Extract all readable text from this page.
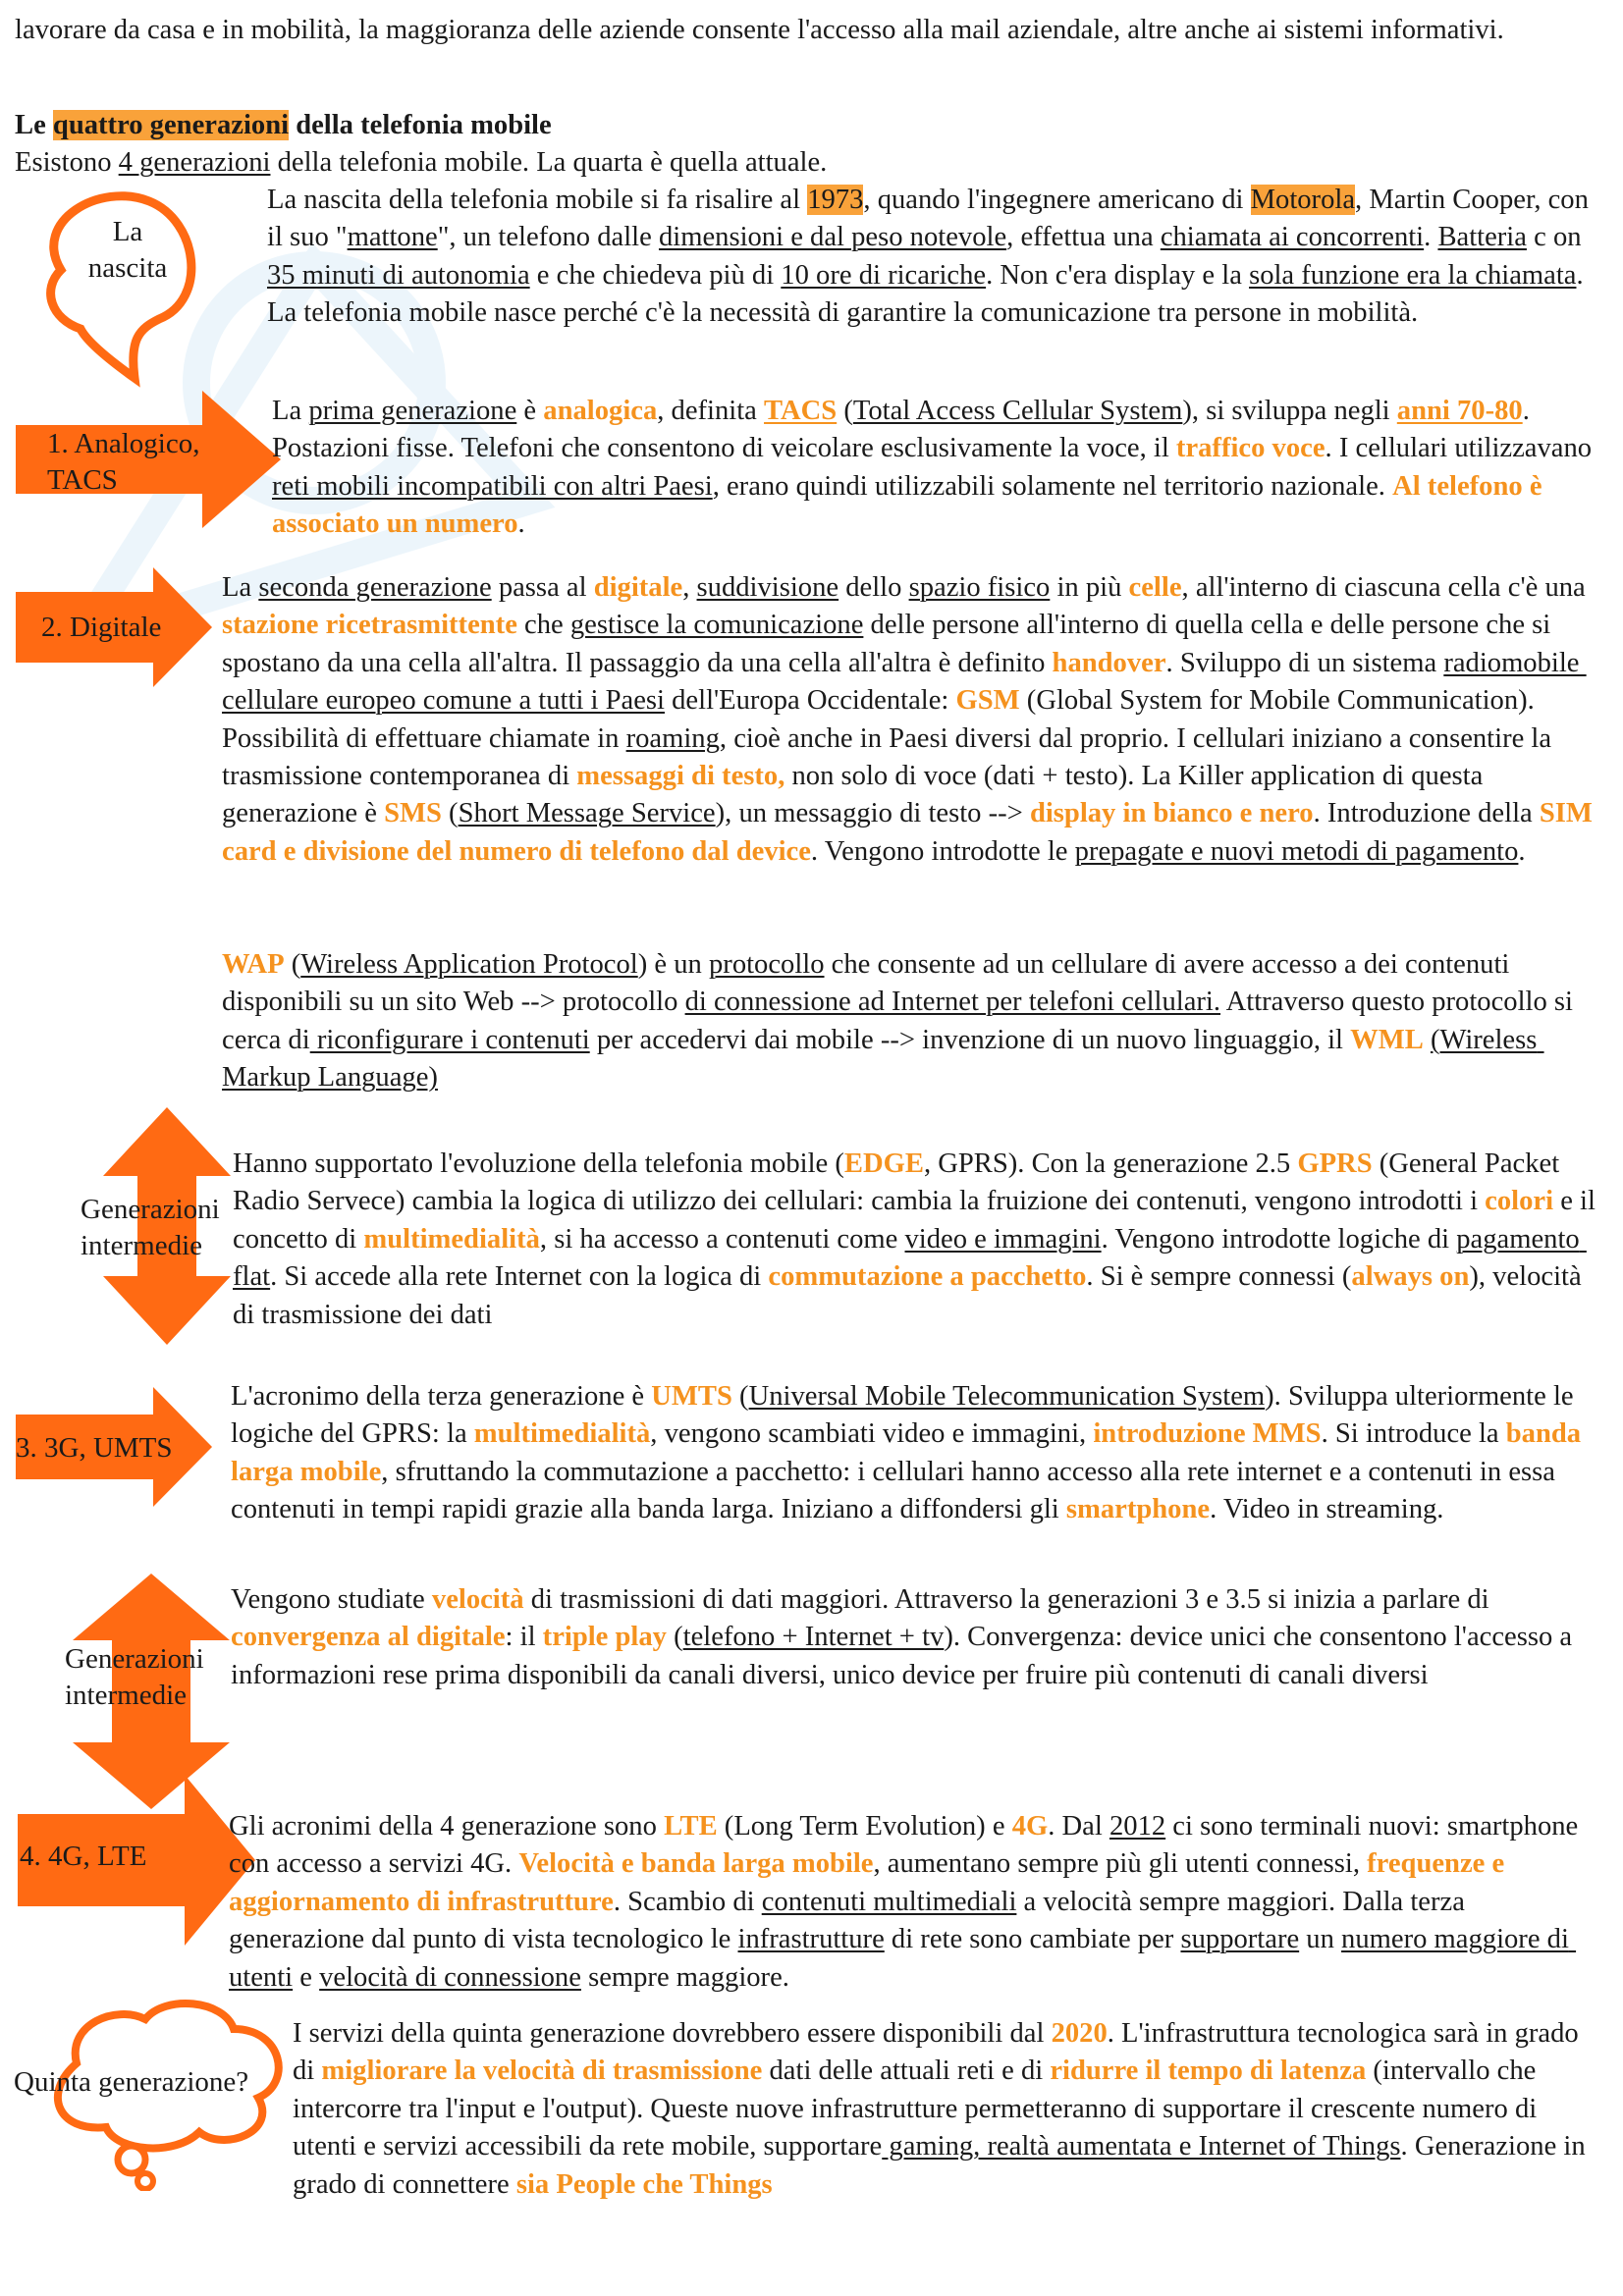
lavorare da casa e in mobilità, la maggioranza delle aziende consente l'accesso alla mail aziendale, altre anche ai sistemi informativi.

Le quattro generazioni della telefonia mobile

Esistono 4 generazioni della telefonia mobile. La quarta è quella attuale.

La
nascita

La nascita della telefonia mobile si fa risalire al 1973, quando l'ingegnere americano di Motorola, Martin Cooper, con il suo "mattone", un telefono dalle dimensioni e dal peso notevole, effettua una chiamata ai concorrenti. Batteria c on 35 minuti di autonomia e che chiedeva più di 10 ore di ricariche. Non c'era display e la sola funzione era la chiamata. La telefonia mobile nasce perché c'è la necessità di garantire la comunicazione tra persone in mobilità.

1. Analogico,
TACS

La prima generazione è analogica, definita TACS (Total Access Cellular System), si sviluppa negli anni 70-80. Postazioni fisse. Telefoni che consentono di veicolare esclusivamente la voce, il traffico voce. I cellulari utilizzavano reti mobili incompatibili con altri Paesi, erano quindi utilizzabili solamente nel territorio nazionale. Al telefono è associato un numero.

2. Digitale

La seconda generazione passa al digitale, suddivisione dello spazio fisico in più celle, all'interno di ciascuna cella c'è una stazione ricetrasmittente che gestisce la comunicazione delle persone all'interno di quella cella e delle persone che si spostano da una cella all'altra. Il passaggio da una cella all'altra è definito handover. Sviluppo di un sistema radiomobile cellulare europeo comune a tutti i Paesi dell'Europa Occidentale: GSM (Global System for Mobile Communication). Possibilità di effettuare chiamate in roaming, cioè anche in Paesi diversi dal proprio. I cellulari iniziano a consentire la trasmissione contemporanea di messaggi di testo, non solo di voce (dati + testo). La Killer application di questa generazione è SMS (Short Message Service), un messaggio di testo --> display in bianco e nero. Introduzione della SIM card e divisione del numero di telefono dal device. Vengono introdotte le prepagate e nuovi metodi di pagamento.

WAP (Wireless Application Protocol) è un protocollo che consente ad un cellulare di avere accesso a dei contenuti disponibili su un sito Web --> protocollo di connessione ad Internet per telefoni cellulari. Attraverso questo protocollo si cerca di riconfigurare i contenuti per accedervi dai mobile --> invenzione di un nuovo linguaggio, il WML (Wireless Markup Language)

Generazioni
intermedie

Hanno supportato l'evoluzione della telefonia mobile (EDGE, GPRS). Con la generazione 2.5 GPRS (General Packet Radio Servece) cambia la logica di utilizzo dei cellulari: cambia la fruizione dei contenuti, vengono introdotti i colori e il concetto di multimedialità, si ha accesso a contenuti come video e immagini. Vengono introdotte logiche di pagamento flat. Si accede alla rete Internet con la logica di commutazione a pacchetto. Si è sempre connessi (always on), velocità di trasmissione dei dati

3. 3G, UMTS

L'acronimo della terza generazione è UMTS (Universal Mobile Telecommunication System). Sviluppa ulteriormente le logiche del GPRS: la multimedialità, vengono scambiati video e immagini, introduzione MMS. Si introduce la banda larga mobile, sfruttando la commutazione a pacchetto: i cellulari hanno accesso alla rete internet e a contenuti in essa contenuti in tempi rapidi grazie alla banda larga. Iniziano a diffondersi gli smartphone. Video in streaming.

Generazioni
intermedie

Vengono studiate velocità di trasmissioni di dati maggiori. Attraverso la generazioni 3 e 3.5 si inizia a parlare di convergenza al digitale: il triple play (telefono + Internet + tv). Convergenza: device unici che consentono l'accesso a informazioni rese prima disponibili da canali diversi, unico device per fruire più contenuti di canali diversi

4. 4G, LTE

Gli acronimi della 4 generazione sono LTE (Long Term Evolution) e 4G. Dal 2012 ci sono terminali nuovi: smartphone con accesso a servizi 4G. Velocità e banda larga mobile, aumentano sempre più gli utenti connessi, frequenze e aggiornamento di infrastrutture. Scambio di contenuti multimediali a velocità sempre maggiori. Dalla terza generazione dal punto di vista tecnologico le infrastrutture di rete sono cambiate per supportare un numero maggiore di utenti e velocità di connessione sempre maggiore.

Quinta generazione?

I servizi della quinta generazione dovrebbero essere disponibili dal 2020. L'infrastruttura tecnologica sarà in grado di migliorare la velocità di trasmissione dati delle attuali reti e di ridurre il tempo di latenza (intervallo che intercorre tra l'input e l'output). Queste nuove infrastrutture permetteranno di supportare il crescente numero di utenti e servizi accessibili da rete mobile, supportare gaming, realtà aumentata e Internet of Things. Generazione in grado di connettere sia People che Things
